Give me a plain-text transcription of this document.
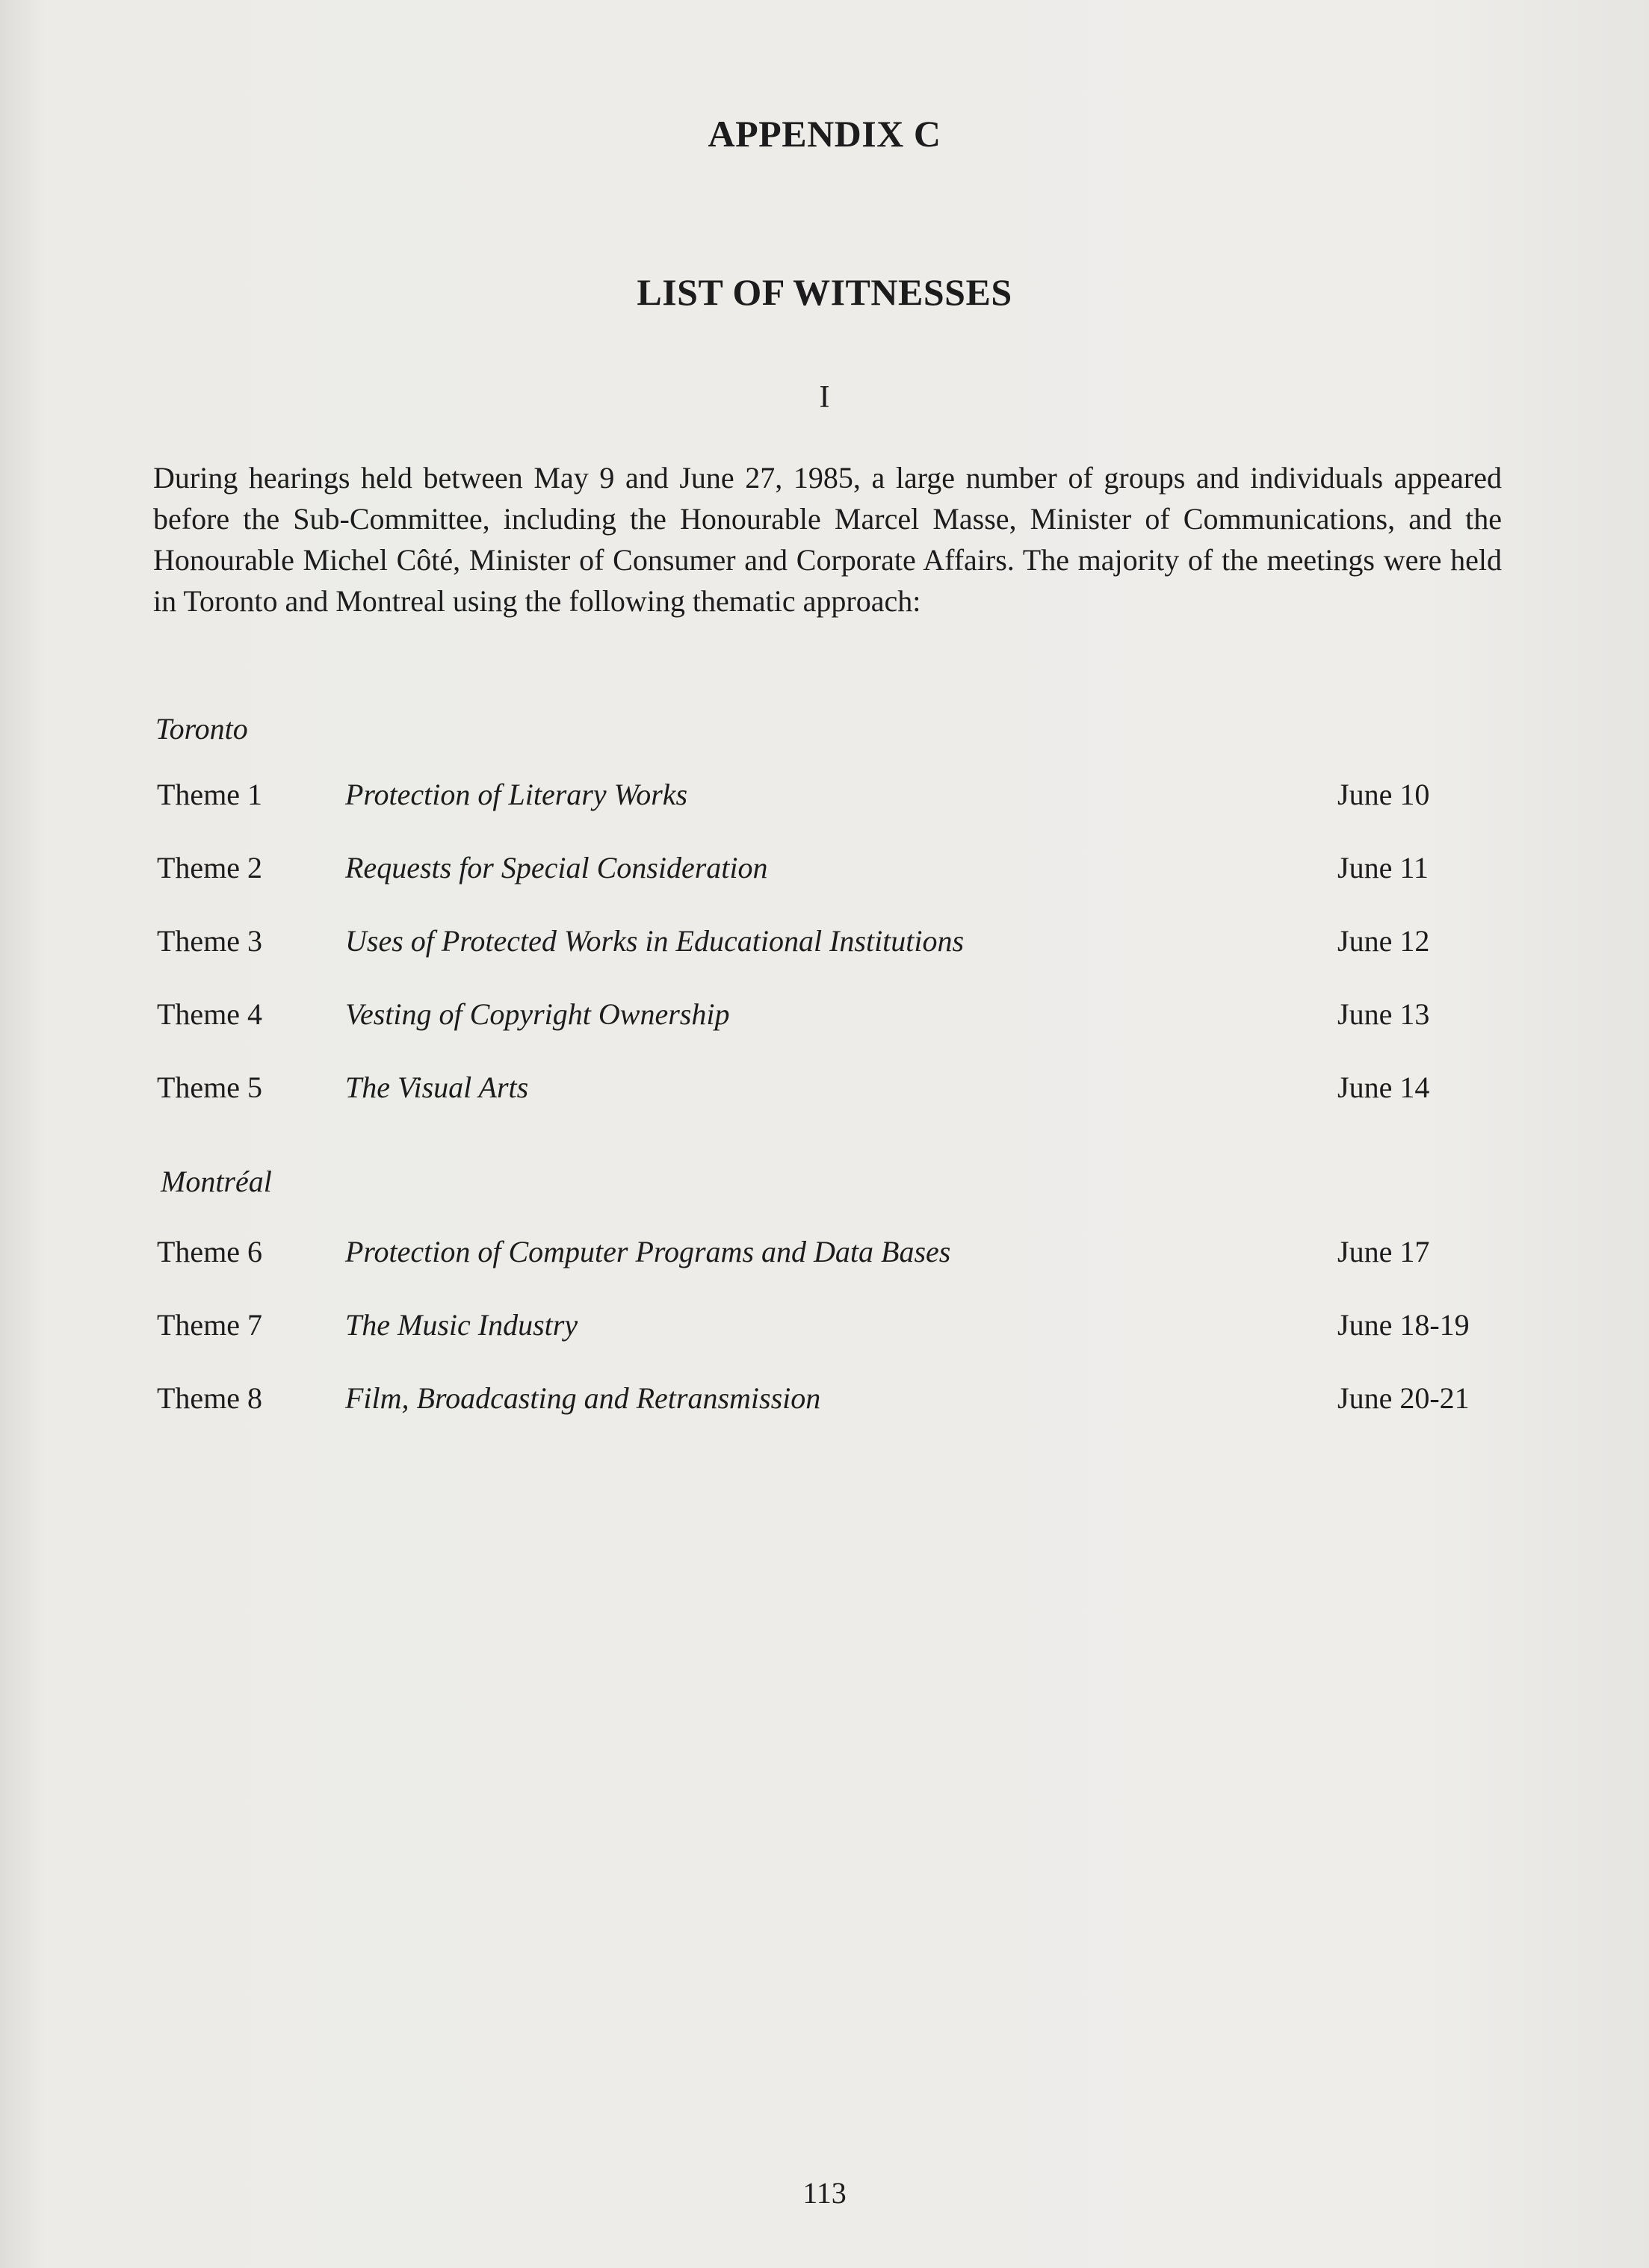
APPENDIX C
LIST OF WITNESSES
I

During hearings held between May 9 and June 27, 1985, a large number of groups and individuals appeared before the Sub-Committee, including the Honourable Marcel Masse, Minister of Communications, and the Honourable Michel Côté, Minister of Consumer and Corporate Affairs. The majority of the meetings were held in Toronto and Montreal using the following thematic approach:

Toronto
Theme 1	Protection of Literary Works	June 10
Theme 2	Requests for Special Consideration	June 11
Theme 3	Uses of Protected Works in Educational Institutions	June 12
Theme 4	Vesting of Copyright Ownership	June 13
Theme 5	The Visual Arts	June 14
Montréal
Theme 6	Protection of Computer Programs and Data Bases	June 17
Theme 7	The Music Industry	June 18-19
Theme 8	Film, Broadcasting and Retransmission	June 20-21
113
